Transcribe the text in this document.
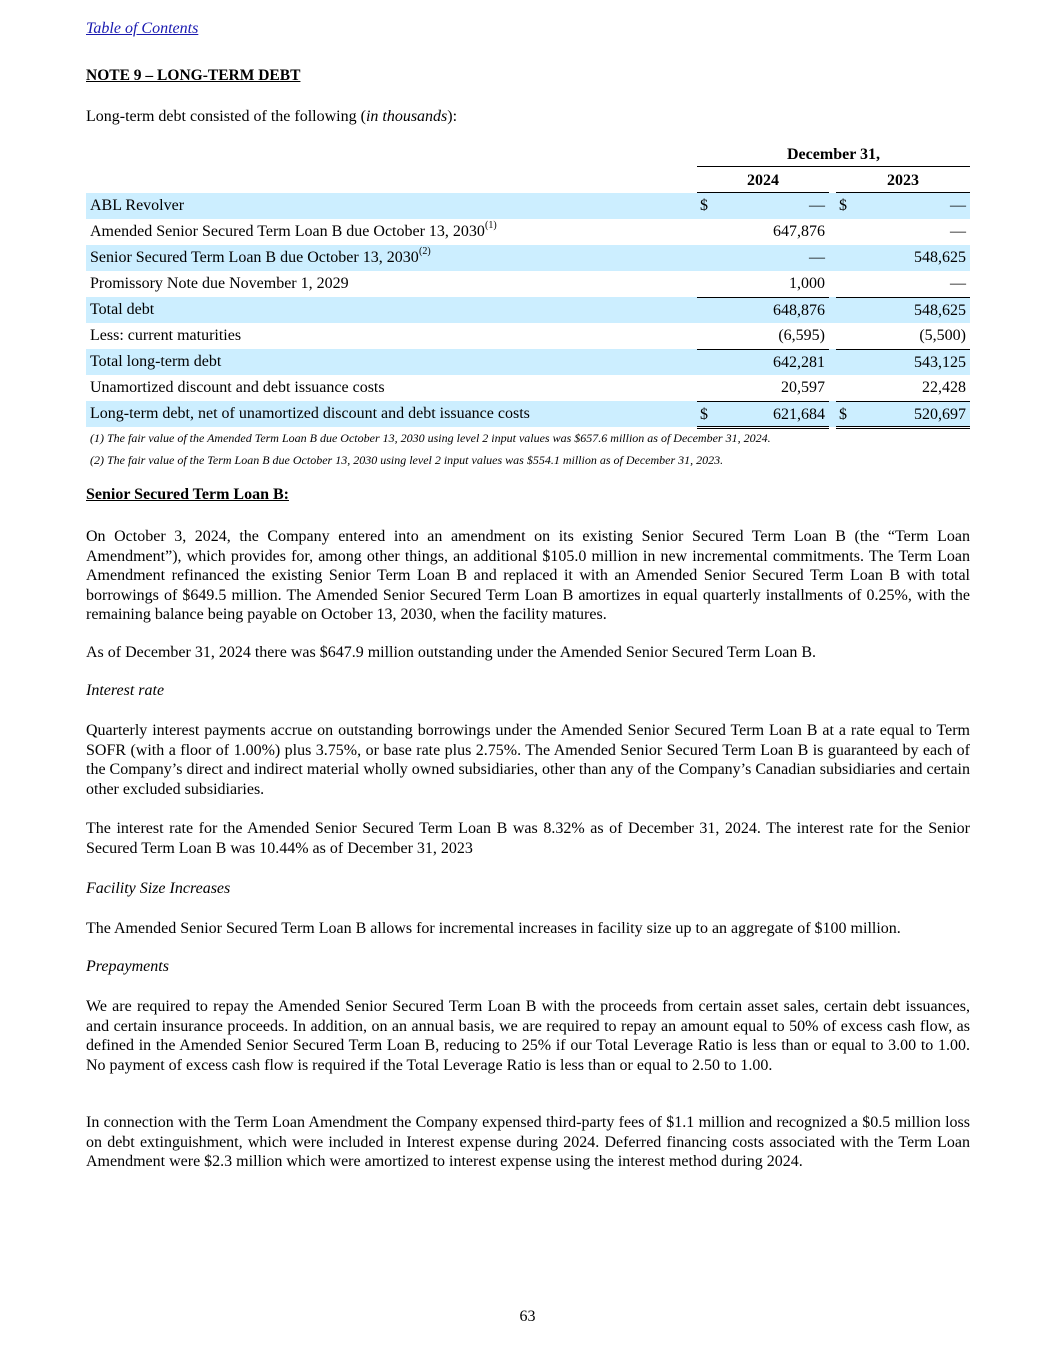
Table of Contents
NOTE 9 – LONG-TERM DEBT
Long-term debt consisted of the following (in thousands):
December 31,
2024	2023
ABL Revolver	$	— $	—
Amended Senior Secured Term Loan B due October 13, 2030 (1)	647,876	—
Senior Secured Term Loan B due October 13, 2030 (2)	—	548,625
Promissory Note due November 1, 2029	1,000	—
Total debt	648,876	548,625
Less: current maturities	(6,595)	(5,500)
Total long-term debt	642,281	543,125
Unamortized discount and debt issuance costs	20,597	22,428
Long-term debt, net of unamortized discount and debt issuance costs	$	621,684 $	520,697
(1) The fair value of the Amended Term Loan B due October 13, 2030 using level 2 input values was $657.6 million as of December 31, 2024.
(2) The fair value of the Term Loan B due October 13, 2030 using level 2 input values was $554.1 million as of December 31, 2023.
Senior Secured Term Loan B:
On October 3, 2024, the Company entered into an amendment on its existing Senior Secured Term Loan B (the “Term Loan Amendment”), which provides for, among other things, an additional $105.0 million in new incremental commitments. The Term Loan Amendment refinanced the existing Senior Term Loan B and replaced it with an Amended Senior Secured Term Loan B with total borrowings of $649.5 million. The Amended Senior Secured Term Loan B amortizes in equal quarterly installments of 0.25%, with the remaining balance being payable on October 13, 2030, when the facility matures.
As of December 31, 2024 there was $647.9 million outstanding under the Amended Senior Secured Term Loan B.
Interest rate
Quarterly interest payments accrue on outstanding borrowings under the Amended Senior Secured Term Loan B at a rate equal to Term SOFR (with a floor of 1.00%) plus 3.75%, or base rate plus 2.75%. The Amended Senior Secured Term Loan B is guaranteed by each of the Company’s direct and indirect material wholly owned subsidiaries, other than any of the Company’s Canadian subsidiaries and certain other excluded subsidiaries.
The interest rate for the Amended Senior Secured Term Loan B was 8.32% as of December 31, 2024. The interest rate for the Senior Secured Term Loan B was 10.44% as of December 31, 2023
Facility Size Increases
The Amended Senior Secured Term Loan B allows for incremental increases in facility size up to an aggregate of $100 million.
Prepayments
We are required to repay the Amended Senior Secured Term Loan B with the proceeds from certain asset sales, certain debt issuances, and certain insurance proceeds. In addition, on an annual basis, we are required to repay an amount equal to 50% of excess cash flow, as defined in the Amended Senior Secured Term Loan B, reducing to 25% if our Total Leverage Ratio is less than or equal to 3.00 to 1.00. No payment of excess cash flow is required if the Total Leverage Ratio is less than or equal to 2.50 to 1.00.
In connection with the Term Loan Amendment the Company expensed third-party fees of $1.1 million and recognized a $0.5 million loss on debt extinguishment, which were included in Interest expense during 2024. Deferred financing costs associated with the Term Loan Amendment were $2.3 million which were amortized to interest expense using the interest method during 2024.
63
